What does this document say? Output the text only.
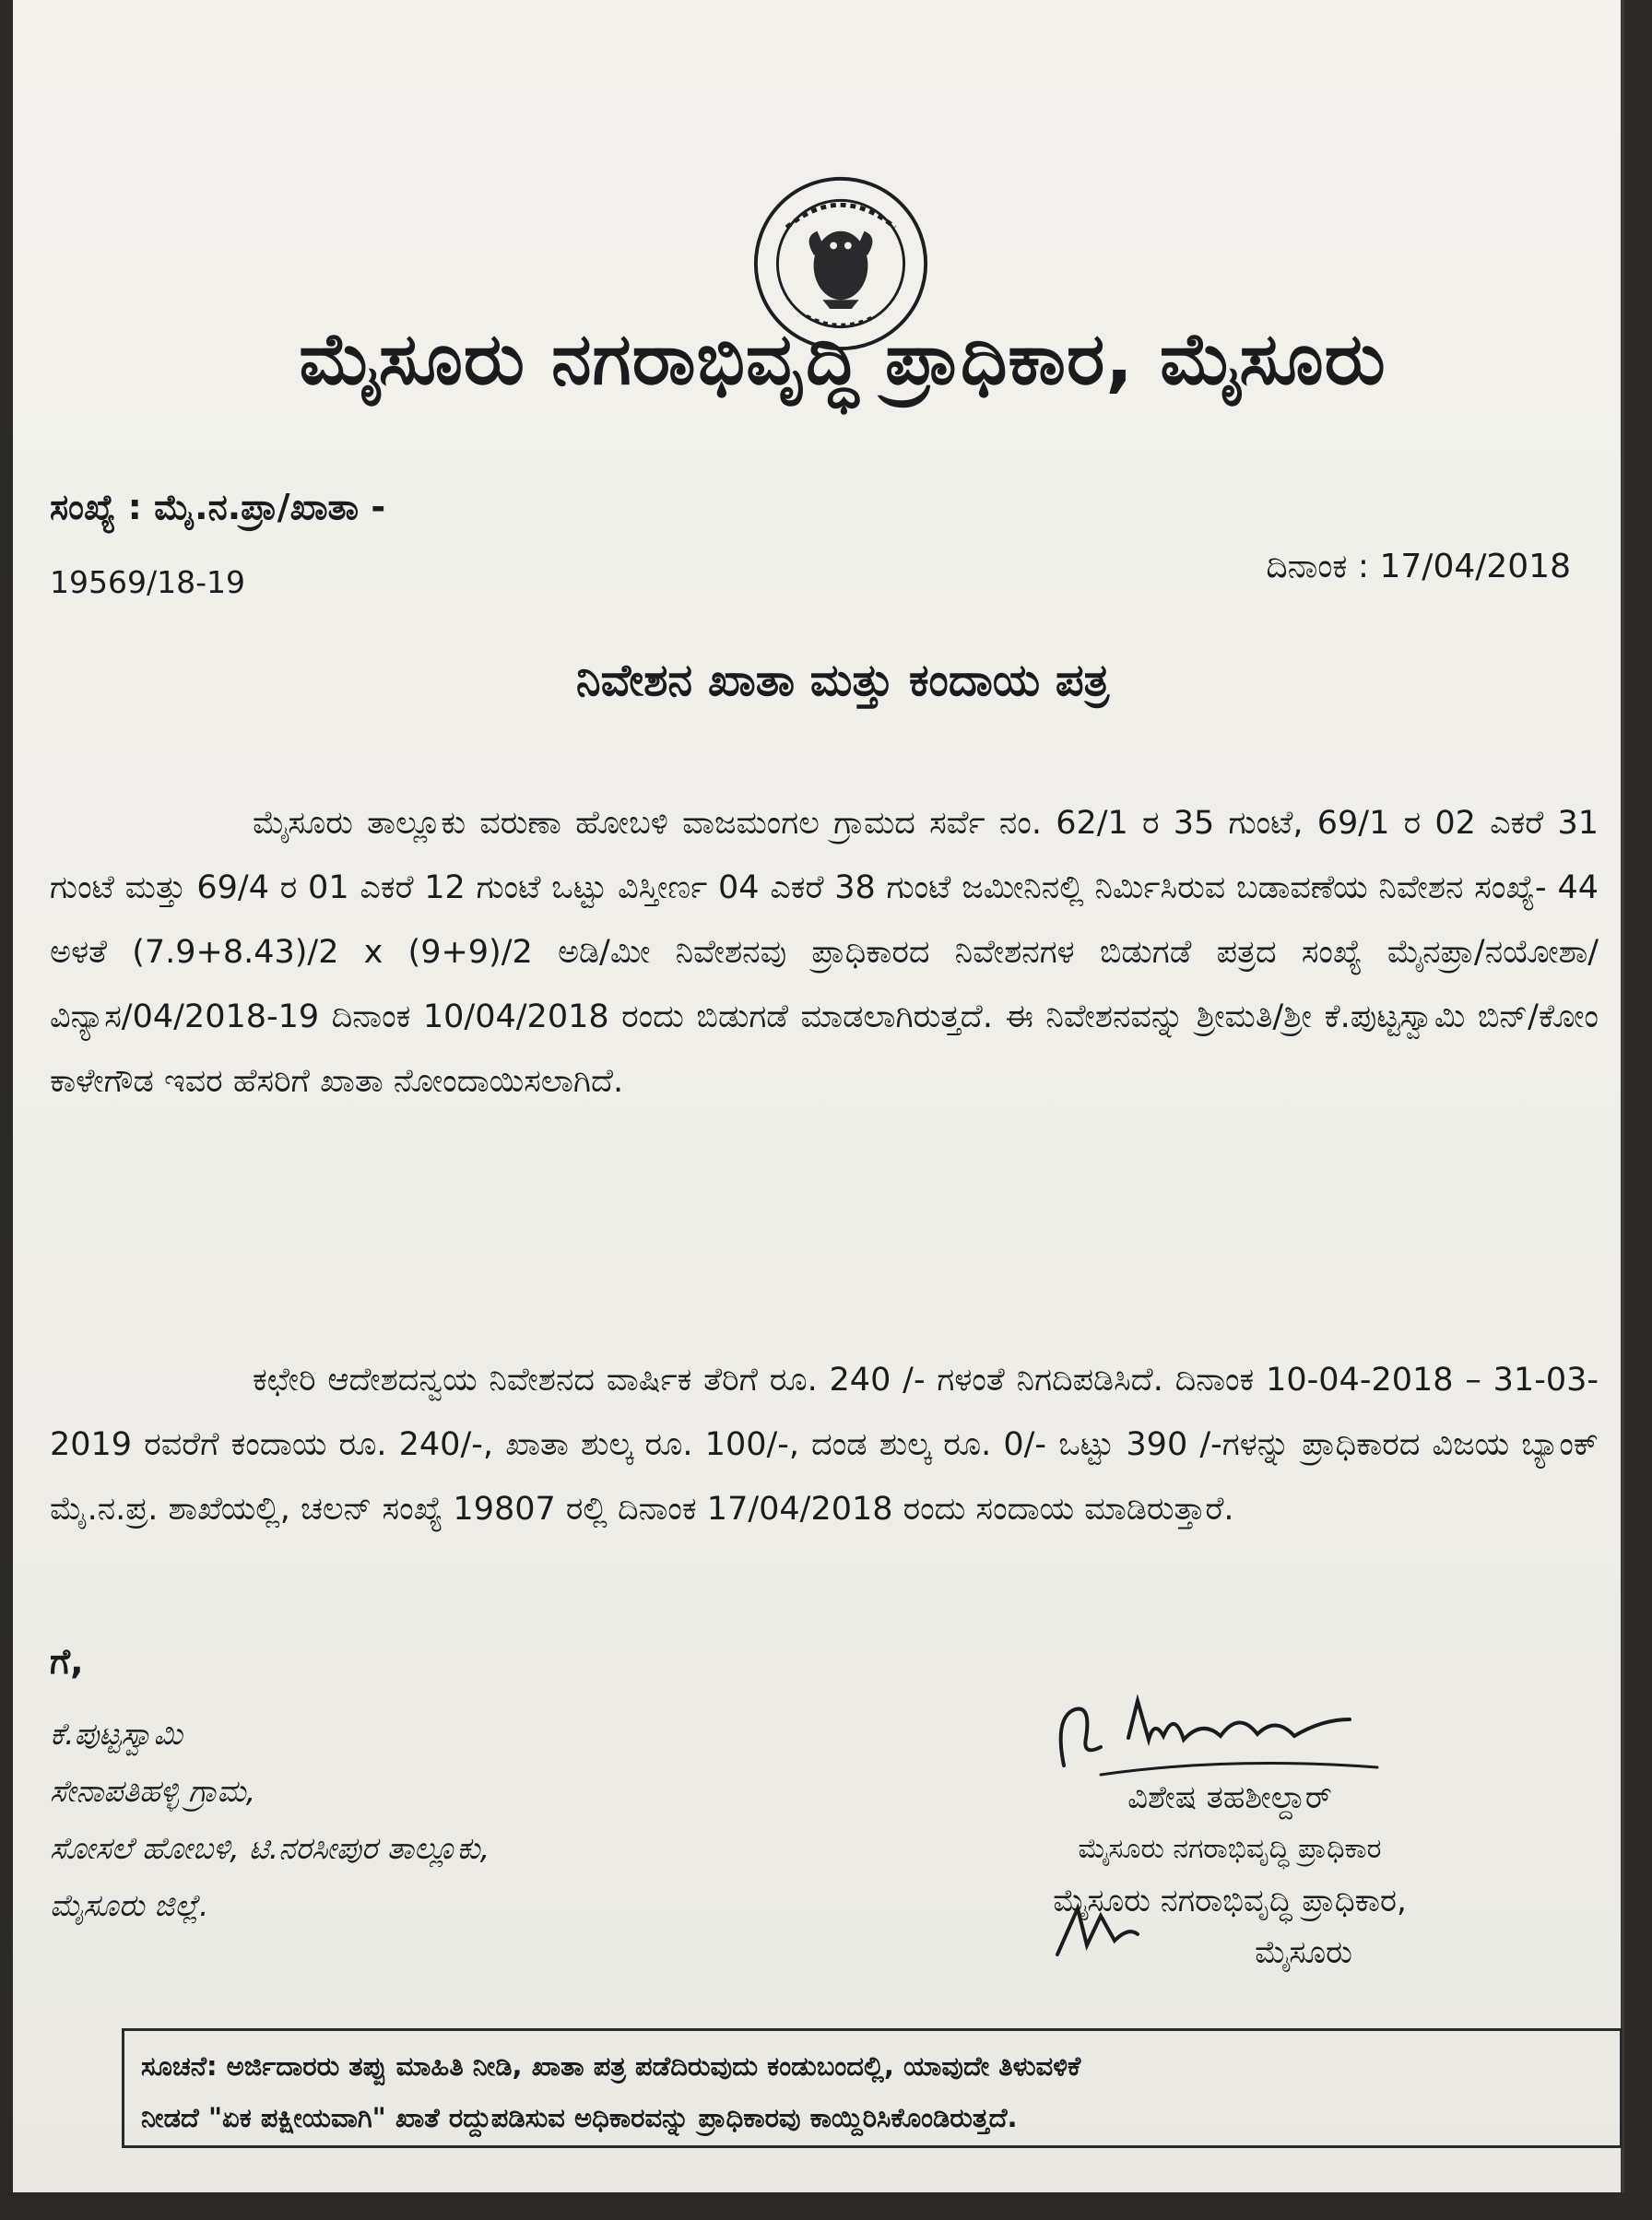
ಮೈಸೂರು ನಗರಾಭಿವೃದ್ಧಿ ಪ್ರಾಧಿಕಾರ, ಮೈಸೂರು
ಸಂಖ್ಯೆ : ಮೈ.ನ.ಪ್ರಾ/ಖಾತಾ -
19569/18-19	ದಿನಾಂಕ : 17/04/2018
ನಿವೇಶನ ಖಾತಾ ಮತ್ತು ಕಂದಾಯ ಪತ್ರ

ಮೈಸೂರು ತಾಲ್ಲೂಕು ವರುಣಾ ಹೋಬಳಿ ವಾಜಮಂಗಲ ಗ್ರಾಮದ ಸರ್ವೆ ನಂ. 62/1 ರ 35 ಗುಂಟೆ, 69/1 ರ 02 ಎಕರೆ 31 ಗುಂಟೆ ಮತ್ತು 69/4 ರ 01 ಎಕರೆ 12 ಗುಂಟೆ ಒಟ್ಟು ವಿಸ್ತೀರ್ಣ 04 ಎಕರೆ 38 ಗುಂಟೆ ಜಮೀನಿನಲ್ಲಿ ನಿರ್ಮಿಸಿರುವ ಬಡಾವಣೆಯ ನಿವೇಶನ ಸಂಖ್ಯೆ- 44 ಅಳತೆ (7.9+8.43)/2 x (9+9)/2 ಅಡಿ/ಮೀ ನಿವೇಶನವು ಪ್ರಾಧಿಕಾರದ ನಿವೇಶನಗಳ ಬಿಡುಗಡೆ ಪತ್ರದ ಸಂಖ್ಯೆ ಮೈನಪ್ರಾ/ನಯೋಶಾ/ವಿನ್ಯಾಸ/04/2018-19 ದಿನಾಂಕ 10/04/2018 ರಂದು ಬಿಡುಗಡೆ ಮಾಡಲಾಗಿರುತ್ತದೆ. ಈ ನಿವೇಶನವನ್ನು ಶ್ರೀಮತಿ/ಶ್ರೀ ಕೆ.ಪುಟ್ಟಸ್ವಾಮಿ ಬಿನ್/ಕೋಂ ಕಾಳೇಗೌಡ ಇವರ ಹೆಸರಿಗೆ ಖಾತಾ ನೋಂದಾಯಿಸಲಾಗಿದೆ.

ಕಛೇರಿ ಆದೇಶದನ್ವಯ ನಿವೇಶನದ ವಾರ್ಷಿಕ ತೆರಿಗೆ ರೂ. 240 /- ಗಳಂತೆ ನಿಗದಿಪಡಿಸಿದೆ. ದಿನಾಂಕ 10-04-2018 – 31-03-2019 ರವರೆಗೆ ಕಂದಾಯ ರೂ. 240/-, ಖಾತಾ ಶುಲ್ಕ ರೂ. 100/-, ದಂಡ ಶುಲ್ಕ ರೂ. 0/- ಒಟ್ಟು 390 /-ಗಳನ್ನು ಪ್ರಾಧಿಕಾರದ ವಿಜಯ ಬ್ಯಾಂಕ್ ಮೈ.ನ.ಪ್ರ. ಶಾಖೆಯಲ್ಲಿ, ಚಲನ್ ಸಂಖ್ಯೆ 19807 ರಲ್ಲಿ ದಿನಾಂಕ 17/04/2018 ರಂದು ಸಂದಾಯ ಮಾಡಿರುತ್ತಾರೆ.

ಗೆ,
ಕೆ.ಪುಟ್ಟಸ್ವಾಮಿ
ಸೇನಾಪತಿಹಳ್ಳಿ ಗ್ರಾಮ,
ಸೋಸಲೆ ಹೋಬಳಿ, ಟಿ.ನರಸೀಪುರ ತಾಲ್ಲೂಕು,
ಮೈಸೂರು ಜಿಲ್ಲೆ.
ವಿಶೇಷ ತಹಶೀಲ್ದಾರ್
ಮೈಸೂರು ನಗರಾಭಿವೃದ್ಧಿ ಪ್ರಾಧಿಕಾರ
ಮೈಸೂರು ನಗರಾಭಿವೃದ್ಧಿ ಪ್ರಾಧಿಕಾರ,
ಮೈಸೂರು
ಸೂಚನೆ: ಅರ್ಜಿದಾರರು ತಪ್ಪು ಮಾಹಿತಿ ನೀಡಿ, ಖಾತಾ ಪತ್ರ ಪಡೆದಿರುವುದು ಕಂಡುಬಂದಲ್ಲಿ, ಯಾವುದೇ ತಿಳುವಳಿಕೆ
ನೀಡದೆ "ಏಕ ಪಕ್ಷೀಯವಾಗಿ" ಖಾತೆ ರದ್ದುಪಡಿಸುವ ಅಧಿಕಾರವನ್ನು ಪ್ರಾಧಿಕಾರವು ಕಾಯ್ದಿರಿಸಿಕೊಂಡಿರುತ್ತದೆ.
